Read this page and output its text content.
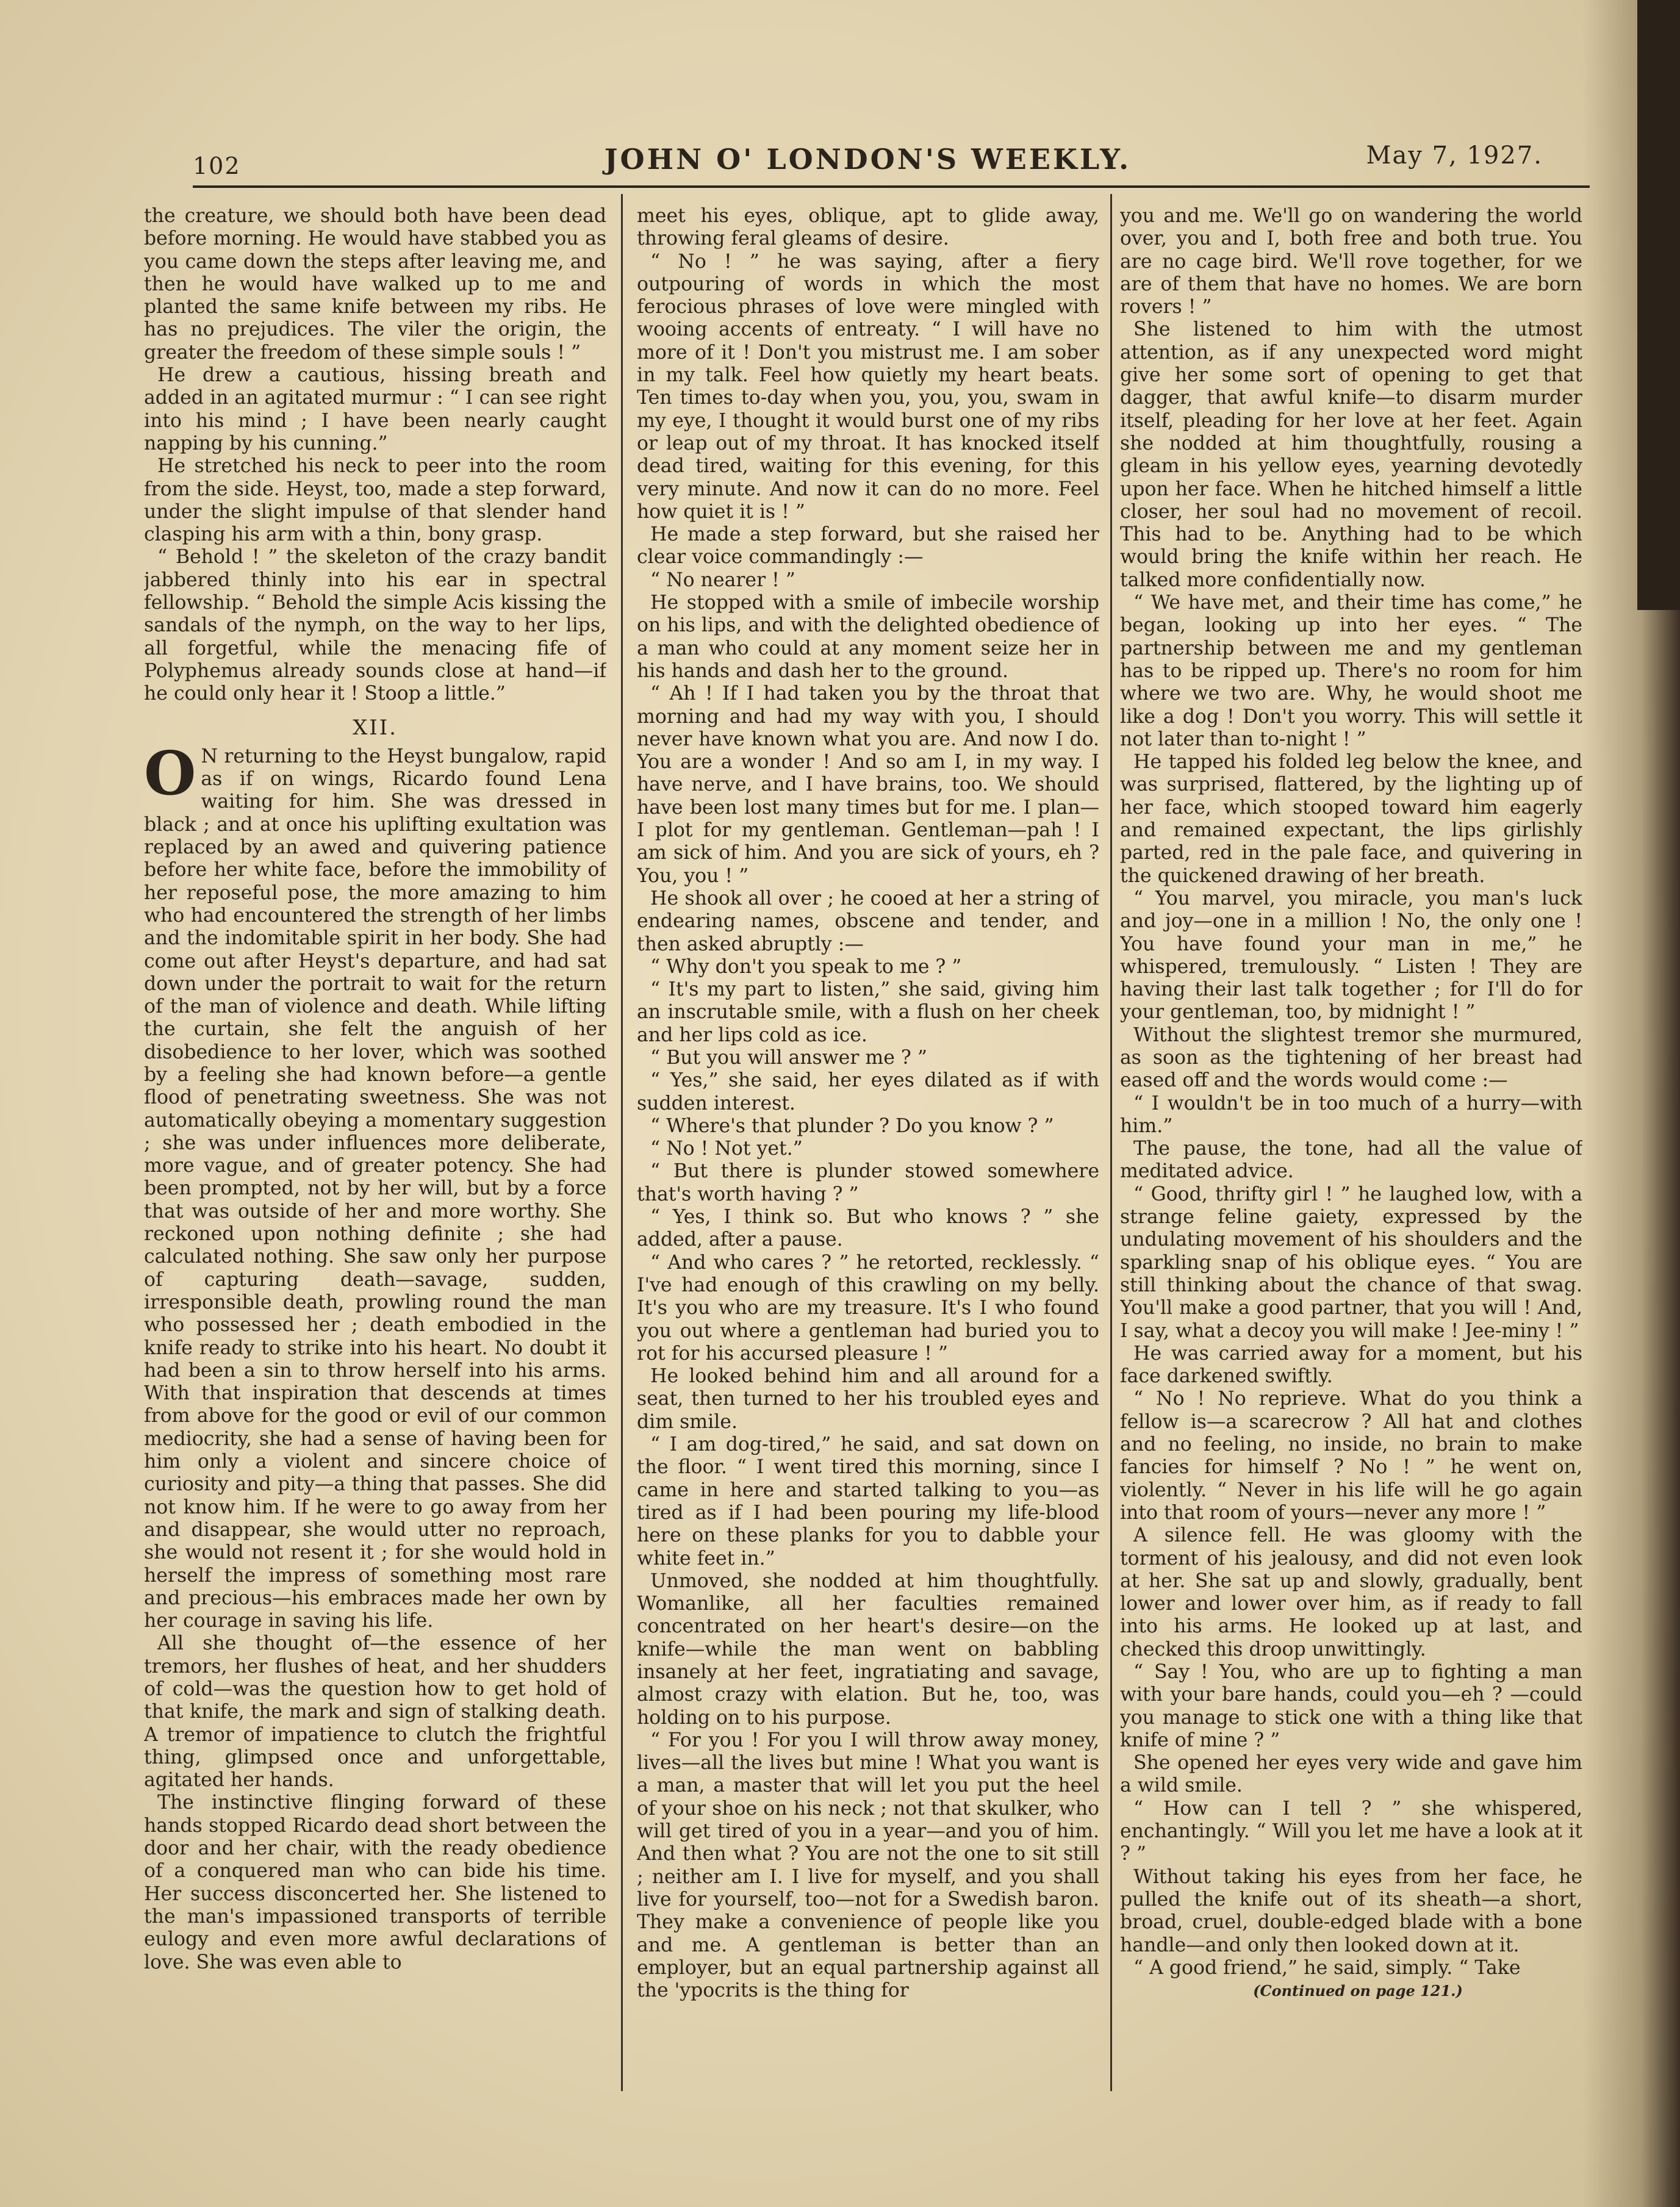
102	JOHN O' LONDON'S WEEKLY.	May 7, 1927.

the creature, we should both have been dead before morning. He would have stabbed you as you came down the steps after leaving me, and then he would have walked up to me and planted the same knife between my ribs. He has no prejudices. The viler the origin, the greater the freedom of these simple souls ! ”

He drew a cautious, hissing breath and added in an agitated murmur : “ I can see right into his mind ; I have been nearly caught napping by his cunning.”

He stretched his neck to peer into the room from the side. Heyst, too, made a step forward, under the slight impulse of that slender hand clasping his arm with a thin, bony grasp.

“ Behold ! ” the skeleton of the crazy bandit jabbered thinly into his ear in spectral fellowship. “ Behold the simple Acis kissing the sandals of the nymph, on the way to her lips, all forgetful, while the menacing fife of Polyphemus already sounds close at hand—if he could only hear it ! Stoop a little.”

XII.

O N returning to the Heyst bungalow, rapid as if on wings, Ricardo found Lena waiting for him. She was dressed in black ; and at once his uplifting exultation was replaced by an awed and quivering patience before her white face, before the immobility of her reposeful pose, the more amazing to him who had encountered the strength of her limbs and the indomitable spirit in her body. She had come out after Heyst's departure, and had sat down under the portrait to wait for the return of the man of violence and death. While lifting the curtain, she felt the anguish of her disobedience to her lover, which was soothed by a feeling she had known before—a gentle flood of penetrating sweetness. She was not automatically obeying a momentary suggestion ; she was under influences more deliberate, more vague, and of greater potency. She had been prompted, not by her will, but by a force that was outside of her and more worthy. She reckoned upon nothing definite ; she had calculated nothing. She saw only her purpose of capturing death—savage, sudden, irresponsible death, prowling round the man who possessed her ; death embodied in the knife ready to strike into his heart. No doubt it had been a sin to throw herself into his arms. With that inspiration that descends at times from above for the good or evil of our common mediocrity, she had a sense of having been for him only a violent and sincere choice of curiosity and pity—a thing that passes. She did not know him. If he were to go away from her and disappear, she would utter no reproach, she would not resent it ; for she would hold in herself the impress of something most rare and precious—his embraces made her own by her courage in saving his life.

All she thought of—the essence of her tremors, her flushes of heat, and her shudders of cold—was the question how to get hold of that knife, the mark and sign of stalking death. A tremor of impatience to clutch the frightful thing, glimpsed once and unforgettable, agitated her hands.

The instinctive flinging forward of these hands stopped Ricardo dead short between the door and her chair, with the ready obedience of a conquered man who can bide his time. Her success disconcerted her. She listened to the man's impassioned transports of terrible eulogy and even more awful declarations of love. She was even able to

meet his eyes, oblique, apt to glide away, throwing feral gleams of desire.

“ No ! ” he was saying, after a fiery outpouring of words in which the most ferocious phrases of love were mingled with wooing accents of entreaty. “ I will have no more of it ! Don't you mistrust me. I am sober in my talk. Feel how quietly my heart beats. Ten times to-day when you, you, you, swam in my eye, I thought it would burst one of my ribs or leap out of my throat. It has knocked itself dead tired, waiting for this evening, for this very minute. And now it can do no more. Feel how quiet it is ! ”

He made a step forward, but she raised her clear voice commandingly :—

“ No nearer ! ”

He stopped with a smile of imbecile worship on his lips, and with the delighted obedience of a man who could at any moment seize her in his hands and dash her to the ground.

“ Ah ! If I had taken you by the throat that morning and had my way with you, I should never have known what you are. And now I do. You are a wonder ! And so am I, in my way. I have nerve, and I have brains, too. We should have been lost many times but for me. I plan—I plot for my gentleman. Gentleman—pah ! I am sick of him. And you are sick of yours, eh ? You, you ! ”

He shook all over ; he cooed at her a string of endearing names, obscene and tender, and then asked abruptly :—

“ Why don't you speak to me ? ”

“ It's my part to listen,” she said, giving him an inscrutable smile, with a flush on her cheek and her lips cold as ice.

“ But you will answer me ? ”

“ Yes,” she said, her eyes dilated as if with sudden interest.

“ Where's that plunder ? Do you know ? ”

“ No ! Not yet.”

“ But there is plunder stowed somewhere that's worth having ? ”

“ Yes, I think so. But who knows ? ” she added, after a pause.

“ And who cares ? ” he retorted, recklessly. “ I've had enough of this crawling on my belly. It's you who are my treasure. It's I who found you out where a gentleman had buried you to rot for his accursed pleasure ! ”

He looked behind him and all around for a seat, then turned to her his troubled eyes and dim smile.

“ I am dog-tired,” he said, and sat down on the floor. “ I went tired this morning, since I came in here and started talking to you—as tired as if I had been pouring my life-blood here on these planks for you to dabble your white feet in.”

Unmoved, she nodded at him thoughtfully. Womanlike, all her faculties remained concentrated on her heart's desire—on the knife—while the man went on babbling insanely at her feet, ingratiating and savage, almost crazy with elation. But he, too, was holding on to his purpose.

“ For you ! For you I will throw away money, lives—all the lives but mine ! What you want is a man, a master that will let you put the heel of your shoe on his neck ; not that skulker, who will get tired of you in a year—and you of him. And then what ? You are not the one to sit still ; neither am I. I live for myself, and you shall live for yourself, too—not for a Swedish baron. They make a convenience of people like you and me. A gentleman is better than an employer, but an equal partnership against all the 'ypocrits is the thing for

you and me. We'll go on wandering the world over, you and I, both free and both true. You are no cage bird. We'll rove together, for we are of them that have no homes. We are born rovers ! ”

She listened to him with the utmost attention, as if any unexpected word might give her some sort of opening to get that dagger, that awful knife—to disarm murder itself, pleading for her love at her feet. Again she nodded at him thoughtfully, rousing a gleam in his yellow eyes, yearning devotedly upon her face. When he hitched himself a little closer, her soul had no movement of recoil. This had to be. Anything had to be which would bring the knife within her reach. He talked more confidentially now.

“ We have met, and their time has come,” he began, looking up into her eyes. “ The partnership between me and my gentleman has to be ripped up. There's no room for him where we two are. Why, he would shoot me like a dog ! Don't you worry. This will settle it not later than to-night ! ”

He tapped his folded leg below the knee, and was surprised, flattered, by the lighting up of her face, which stooped toward him eagerly and remained expectant, the lips girlishly parted, red in the pale face, and quivering in the quickened drawing of her breath.

“ You marvel, you miracle, you man's luck and joy—one in a million ! No, the only one ! You have found your man in me,” he whispered, tremulously. “ Listen ! They are having their last talk together ; for I'll do for your gentleman, too, by midnight ! ”

Without the slightest tremor she murmured, as soon as the tightening of her breast had eased off and the words would come :—

“ I wouldn't be in too much of a hurry—with him.”

The pause, the tone, had all the value of meditated advice.

“ Good, thrifty girl ! ” he laughed low, with a strange feline gaiety, expressed by the undulating movement of his shoulders and the sparkling snap of his oblique eyes. “ You are still thinking about the chance of that swag. You'll make a good partner, that you will ! And, I say, what a decoy you will make ! Jee-miny ! ”

He was carried away for a moment, but his face darkened swiftly.

“ No ! No reprieve. What do you think a fellow is—a scarecrow ? All hat and clothes and no feeling, no inside, no brain to make fancies for himself ? No ! ” he went on, violently. “ Never in his life will he go again into that room of yours—never any more ! ”

A silence fell. He was gloomy with the torment of his jealousy, and did not even look at her. She sat up and slowly, gradually, bent lower and lower over him, as if ready to fall into his arms. He looked up at last, and checked this droop unwittingly.

“ Say ! You, who are up to fighting a man with your bare hands, could you—eh ? —could you manage to stick one with a thing like that knife of mine ? ”

She opened her eyes very wide and gave him a wild smile.

“ How can I tell ? ” she whispered, enchantingly. “ Will you let me have a look at it ? ”

Without taking his eyes from her face, he pulled the knife out of its sheath—a short, broad, cruel, double-edged blade with a bone handle—and only then looked down at it.

“ A good friend,” he said, simply. “ Take

(Continued on page 121.)
